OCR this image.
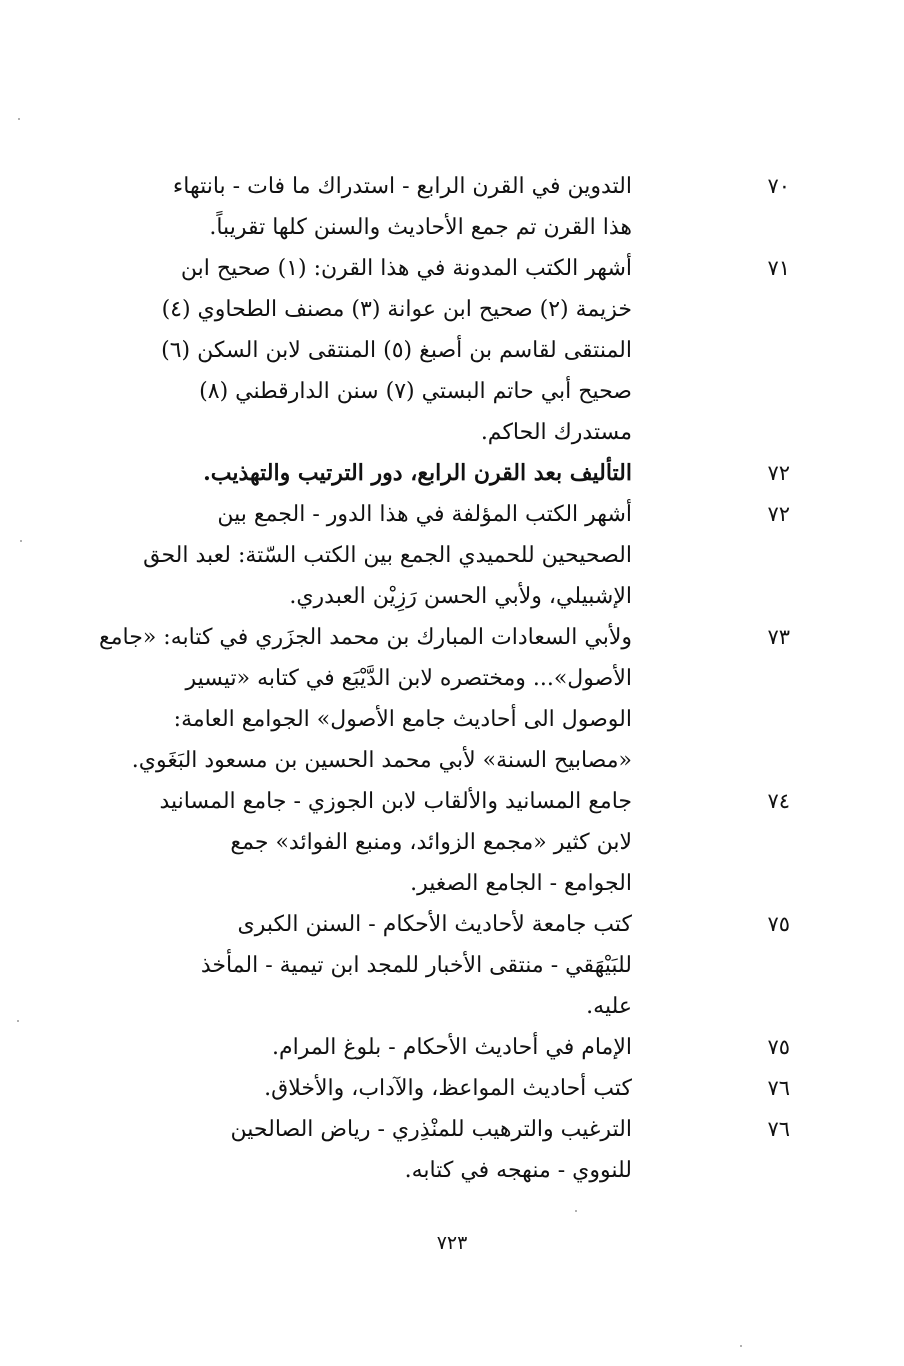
٧٠
التدوين في القرن الرابع - استدراك ما فات - بانتهاء
هذا القرن تم جمع الأحاديث والسنن كلها تقريباً.
٧١
أشهر الكتب المدونة في هذا القرن: (١) صحيح ابن
خزيمة (٢) صحيح ابن عوانة (٣) مصنف الطحاوي (٤)
المنتقى لقاسم بن أصبغ (٥) المنتقى لابن السكن (٦)
صحيح أبي حاتم البستي (٧) سنن الدارقطني (٨)
مستدرك الحاكم.
٧٢
التأليف بعد القرن الرابع، دور الترتيب والتهذيب.
٧٢
أشهر الكتب المؤلفة في هذا الدور - الجمع بين
الصحيحين للحميدي الجمع بين الكتب السّتة: لعبد الحق
الإشبيلي، ولأبي الحسن رَزِيْن العبدري.
٧٣
ولأبي السعادات المبارك بن محمد الجزَري في كتابه: «جامع
الأصول»... ومختصره لابن الدَّيْبَع في كتابه «تيسير
الوصول الى أحاديث جامع الأصول» الجوامع العامة:
«مصابيح السنة» لأبي محمد الحسين بن مسعود البَغَوي.
٧٤
جامع المسانيد والألقاب لابن الجوزي - جامع المسانيد
لابن كثير «مجمع الزوائد، ومنبع الفوائد» جمع
الجوامع - الجامع الصغير.
٧٥
كتب جامعة لأحاديث الأحكام - السنن الكبرى
للبَيْهَقي - منتقى الأخبار للمجد ابن تيمية - المأخذ
عليه.
٧٥
الإمام في أحاديث الأحكام - بلوغ المرام.
٧٦
كتب أحاديث المواعظ، والآداب، والأخلاق.
٧٦
الترغيب والترهيب للمنْذِري - رياض الصالحين
للنووي - منهجه في كتابه.
٧٢٣
